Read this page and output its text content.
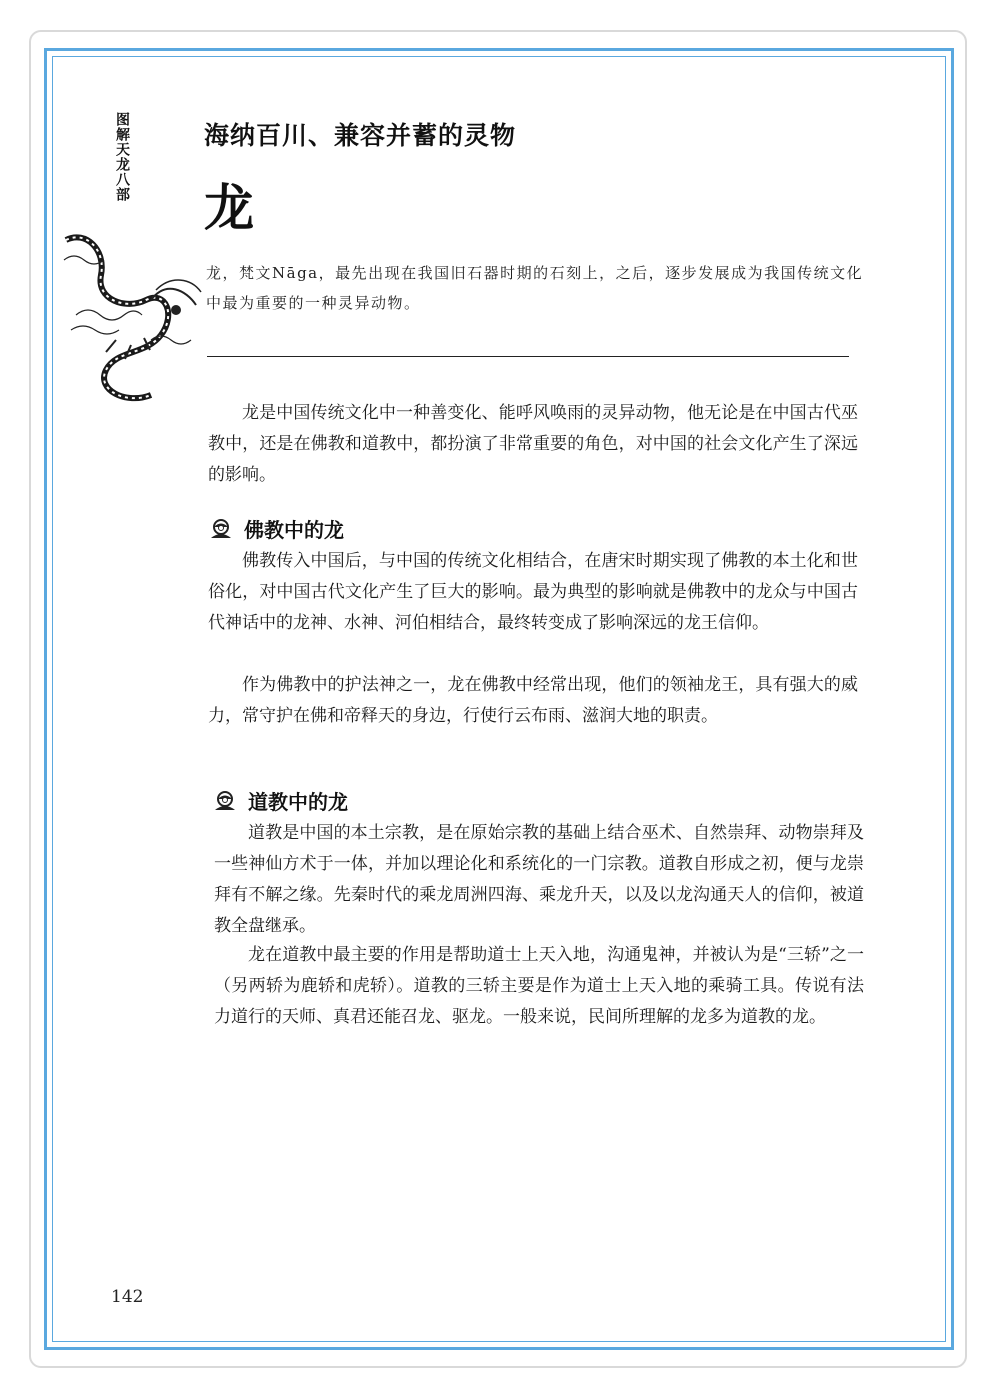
图解天龙八部	海纳百川、兼容并蓄的灵物
龙
龙，梵文Nāga，最先出现在我国旧石器时期的石刻上，之后，逐步发展成为我国传统文化中最为重要的一种灵异动物。

龙是中国传统文化中一种善变化、能呼风唤雨的灵异动物，他无论是在中国古代巫教中，还是在佛教和道教中，都扮演了非常重要的角色，对中国的社会文化产生了深远的影响。

佛教中的龙

佛教传入中国后，与中国的传统文化相结合，在唐宋时期实现了佛教的本土化和世俗化，对中国古代文化产生了巨大的影响。最为典型的影响就是佛教中的龙众与中国古代神话中的龙神、水神、河伯相结合，最终转变成了影响深远的龙王信仰。

作为佛教中的护法神之一，龙在佛教中经常出现，他们的领袖龙王，具有强大的威力，常守护在佛和帝释天的身边，行使行云布雨、滋润大地的职责。

道教中的龙

道教是中国的本土宗教，是在原始宗教的基础上结合巫术、自然崇拜、动物崇拜及一些神仙方术于一体，并加以理论化和系统化的一门宗教。道教自形成之初，便与龙崇拜有不解之缘。先秦时代的乘龙周洲四海、乘龙升天，以及以龙沟通天人的信仰，被道教全盘继承。

龙在道教中最主要的作用是帮助道士上天入地，沟通鬼神，并被认为是“三轿”之一（另两轿为鹿轿和虎轿）。道教的三轿主要是作为道士上天入地的乘骑工具。传说有法力道行的天师、真君还能召龙、驱龙。一般来说，民间所理解的龙多为道教的龙。

142
